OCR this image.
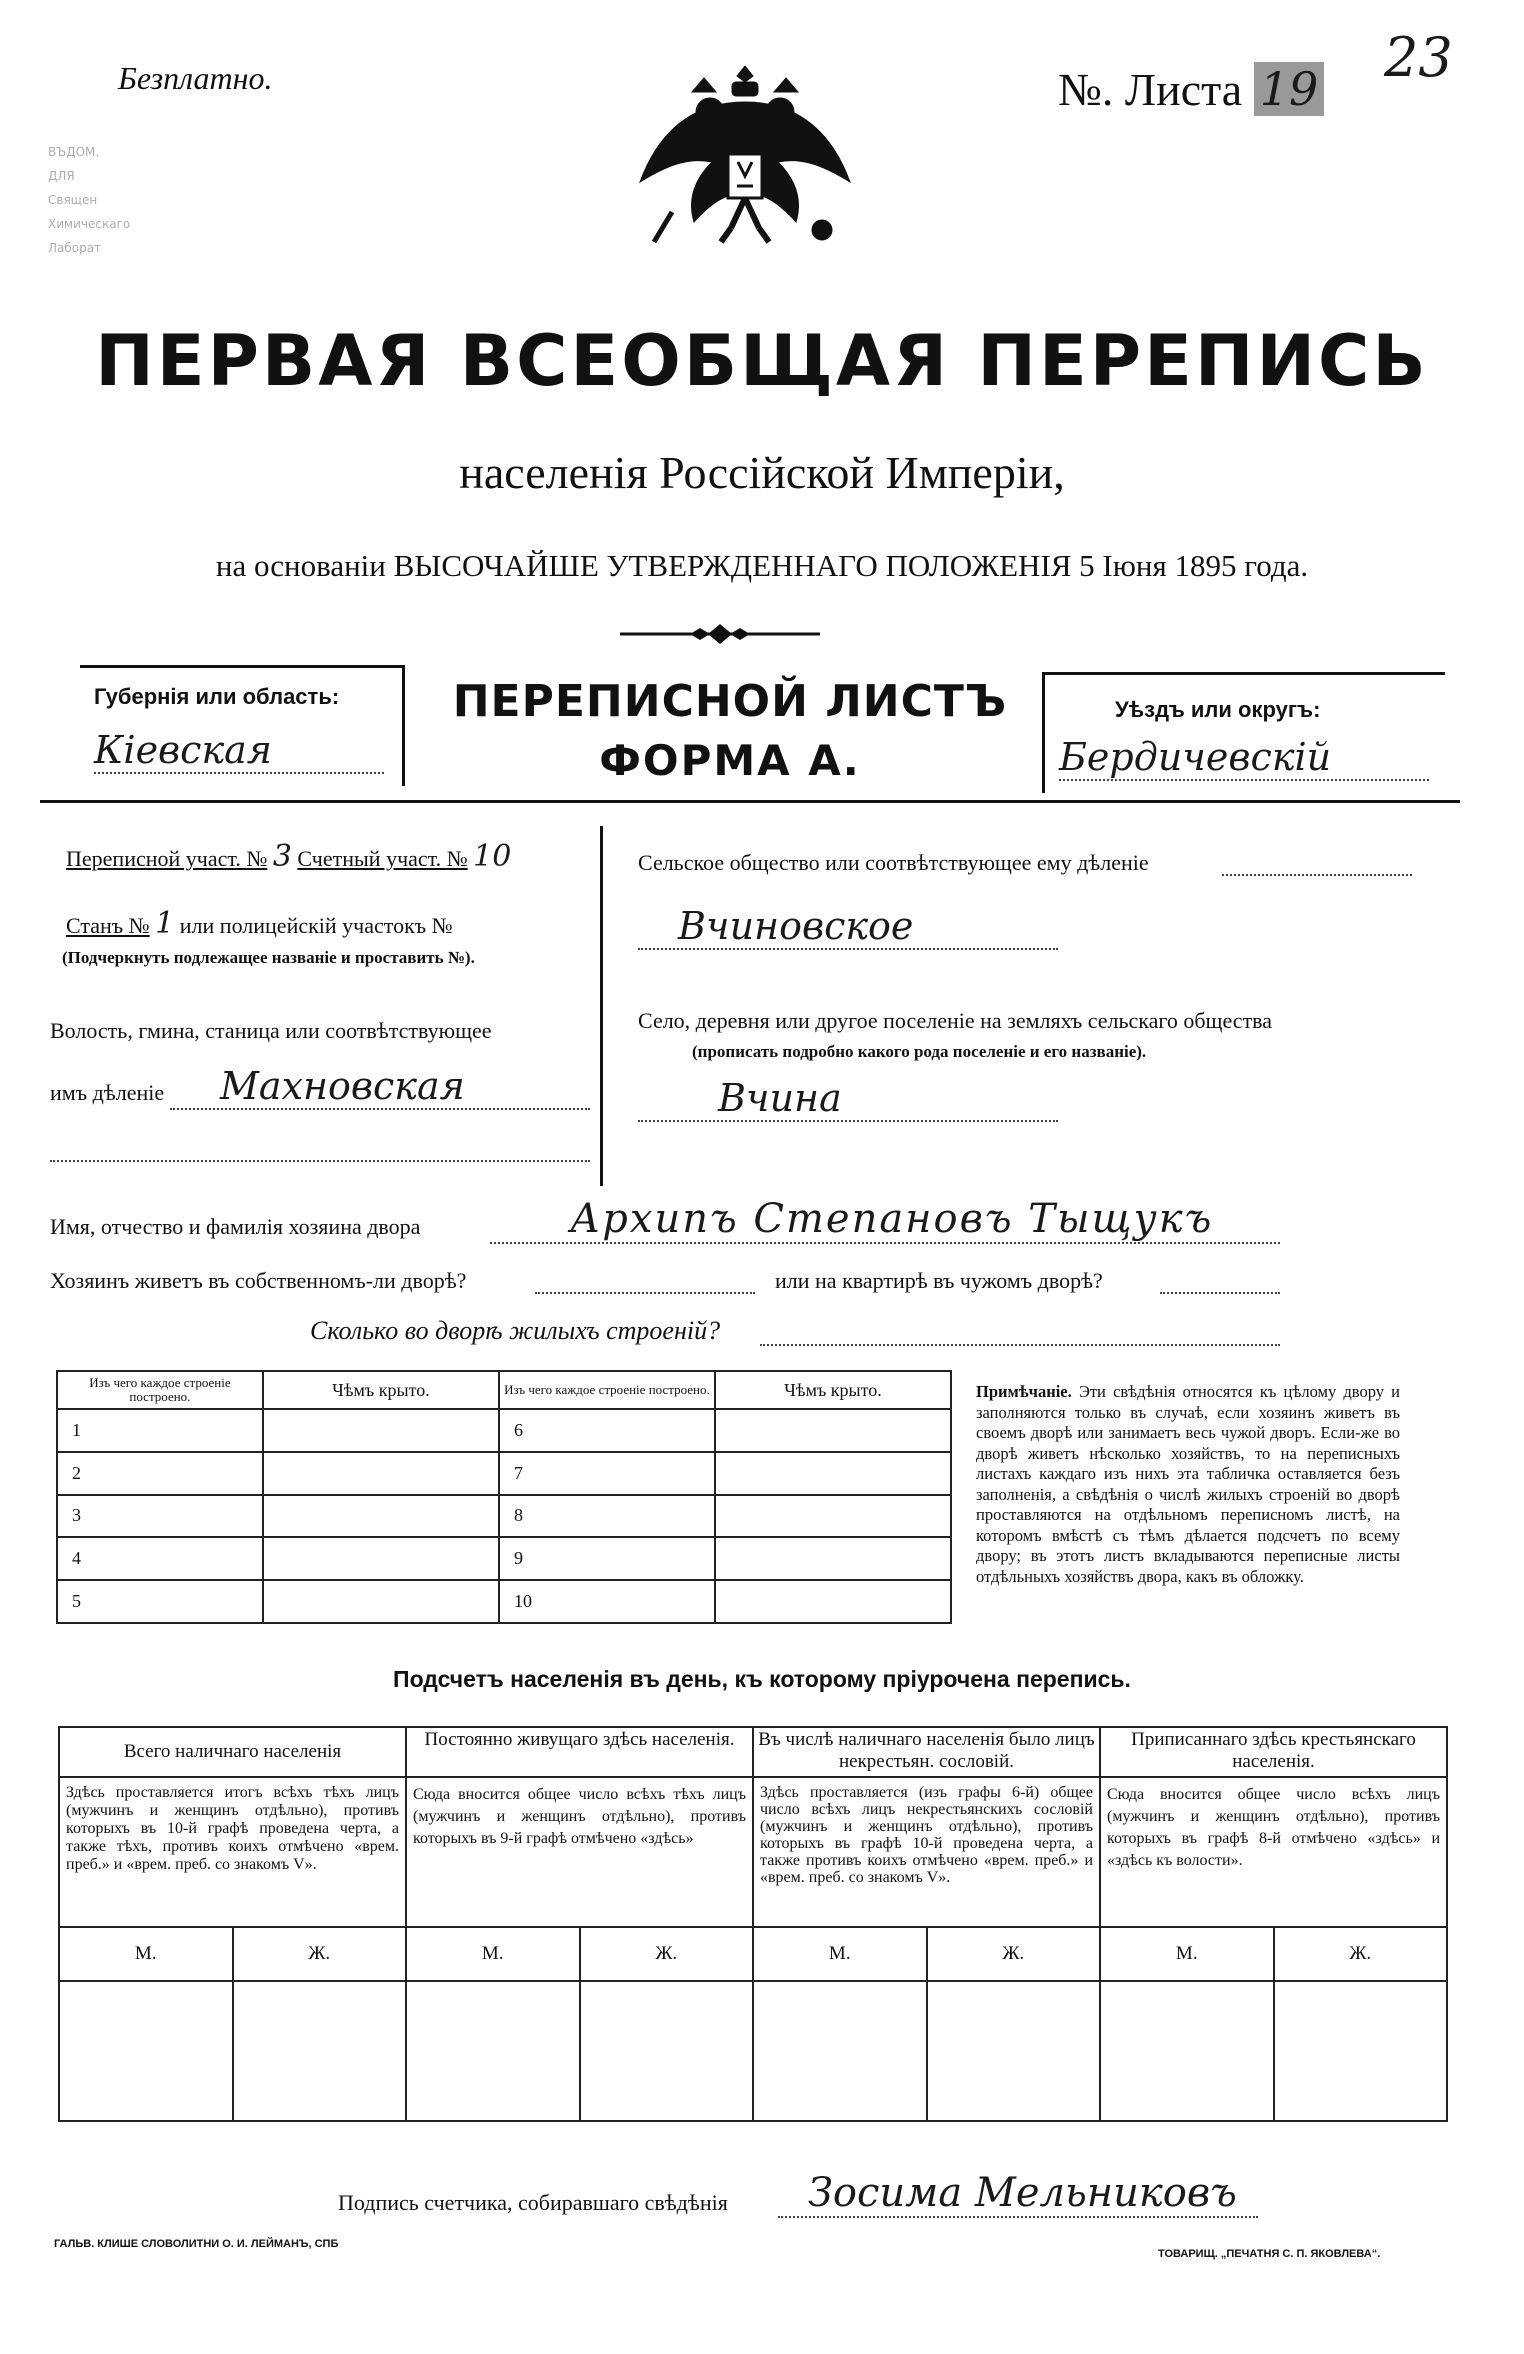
Безплатно.
ВЪДОМ.
ДЛЯ
Священ
Химическаго
Лаборат
№. Листа 19 23
ПЕРВАЯ ВСЕОБЩАЯ ПЕРЕПИСЬ
населенія Россійской Имперіи,
на основаніи ВЫСОЧАЙШЕ УТВЕРЖДЕННАГО ПОЛОЖЕНІЯ 5 Іюня 1895 года.
Губернія или область:
Кіевская
ПЕРЕПИСНОЙ ЛИСТЪ
ФОРМА А.
Уѣздъ или округъ:
Бердичевскій
Переписной участ. № 3 Счетный участ. № 10
Станъ № 1 или полицейскій участокъ №
(Подчеркнуть подлежащее названіе и проставить №).
Волость, гмина, станица или соотвѣтствующее
имъ дѣленіе	Махновская
Сельское общество или соотвѣтствующее ему дѣленіе
Вчиновское
Село, деревня или другое поселеніе на земляхъ сельскаго общества
(прописать подробно какого рода поселеніе и его названіе).
Вчина
Имя, отчество и фамилія хозяина двора	Архипъ Степановъ Тыщукъ
Хозяинъ живетъ въ собственномъ-ли дворѣ?	или на квартирѣ въ чужомъ дворѣ?
Сколько во дворѣ жилыхъ строеній?
Изъ чего каждое строеніе построено.	Чѣмъ крыто.	Изъ чего каждое строеніе построено.	Чѣмъ крыто.
1		6	
2		7	
3		8	
4		9	
5		10	
Примѣчаніе. Эти свѣдѣнія относятся къ цѣлому двору и заполняются только въ случаѣ, если хозяинъ живетъ въ своемъ дворѣ или занимаетъ весь чужой дворъ. Если-же во дворѣ живетъ нѣсколько хозяйствъ, то на переписныхъ листахъ каждаго изъ нихъ эта табличка оставляется безъ заполненія, а свѣдѣнія о числѣ жилыхъ строеній во дворѣ проставляются на отдѣльномъ переписномъ листѣ, на которомъ вмѣстѣ съ тѣмъ дѣлается подсчетъ по всему двору; въ этотъ листъ вкладываются переписные листы отдѣльныхъ хозяйствъ двора, какъ въ обложку.
Подсчетъ населенія въ день, къ которому пріурочена перепись.
Всего наличнаго населенія		Постоянно живущаго здѣсь населенія.		Въ числѣ наличнаго населенія было лицъ некрестьян. сословій.		Приписаннаго здѣсь крестьянскаго населенія.	
Здѣсь проставляется итогъ всѣхъ тѣхъ лицъ (мужчинъ и женщинъ отдѣльно), противъ которыхъ въ 10-й графѣ проведена черта, а также тѣхъ, противъ коихъ отмѣчено «врем. преб.» и «врем. преб. со знакомъ V».		Сюда вносится общее число всѣхъ тѣхъ лицъ (мужчинъ и женщинъ отдѣльно), противъ которыхъ въ 9-й графѣ отмѣчено «здѣсь»		Здѣсь проставляется (изъ графы 6-й) общее число всѣхъ лицъ некрестьянскихъ сословій (мужчинъ и женщинъ отдѣльно), противъ которыхъ въ графѣ 10-й проведена черта, а также противъ коихъ отмѣчено «врем. преб.» и «врем. преб. со знакомъ V».		Сюда вносится общее число всѣхъ лицъ (мужчинъ и женщинъ отдѣльно), противъ которыхъ въ графѣ 8-й отмѣчено «здѣсь» и «здѣсь къ волости».	
М.	Ж.	М.	Ж.	М.	Ж.	М.	Ж.

Подпись счетчика, собиравшаго свѣдѣнія	Зосима Мельниковъ
ГАЛЬВ. КЛИШЕ СЛОВОЛИТНИ О. И. ЛЕЙМАНЪ, СПБ
ТОВАРИЩ. „ПЕЧАТНЯ С. П. ЯКОВЛЕВА“.
